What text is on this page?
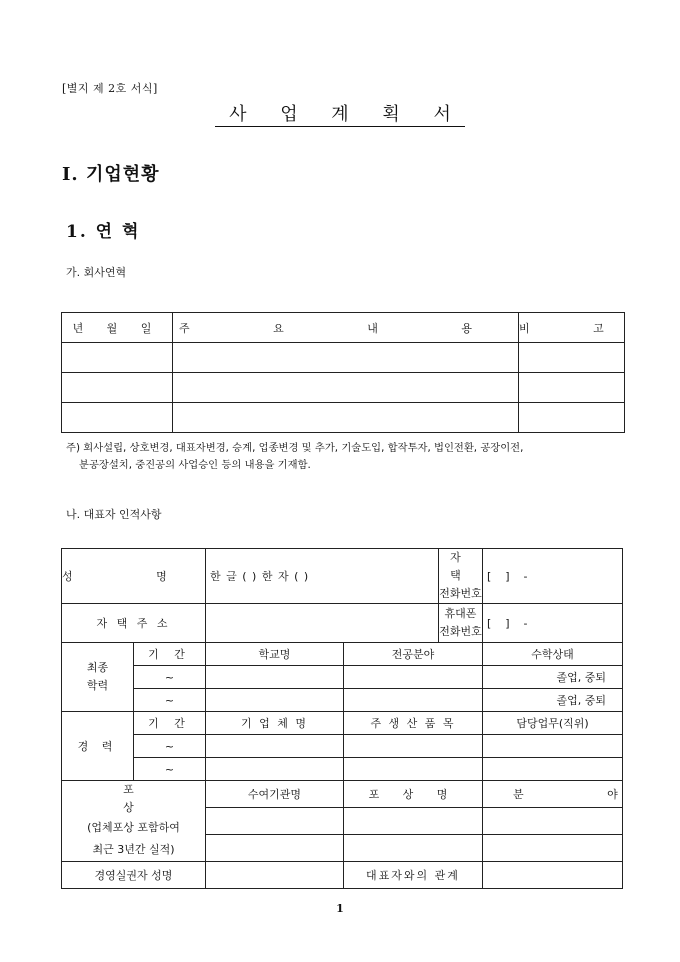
[별지 제 2호 서식]
사 업 계 획 서
Ⅰ. 기업현황
1. 연 혁
가. 회사연혁
년 월 일	주 요 내 용	비 고

주) 회사설립, 상호변경, 대표자변경, 승계, 업종변경 및 추가, 기술도입, 합작투자, 법인전환, 공장이전,
분공장설치, 중진공의 사업승인 등의 내용을 기재함.
나. 대표자 인적사항
성 명		한 글 ( ) 한 자 ( )		자 택
전화번호	[    ]    -
자 택 주 소				휴대폰
전화번호	[    ]    -

최종
학력	기 간	학교명	전공분야		수학상태
	~				졸업, 중퇴
	~				졸업, 중퇴
경 력	기 간	기 업 체 명	주 생 산 품 목		담당업무(직위)
	~				
	~				

포 상
(업체포상 포함하여
최근 3년간 실적)		수여기관명	포 상 명		분 야

경영실권자 성명			대표자와의 관계		
1
